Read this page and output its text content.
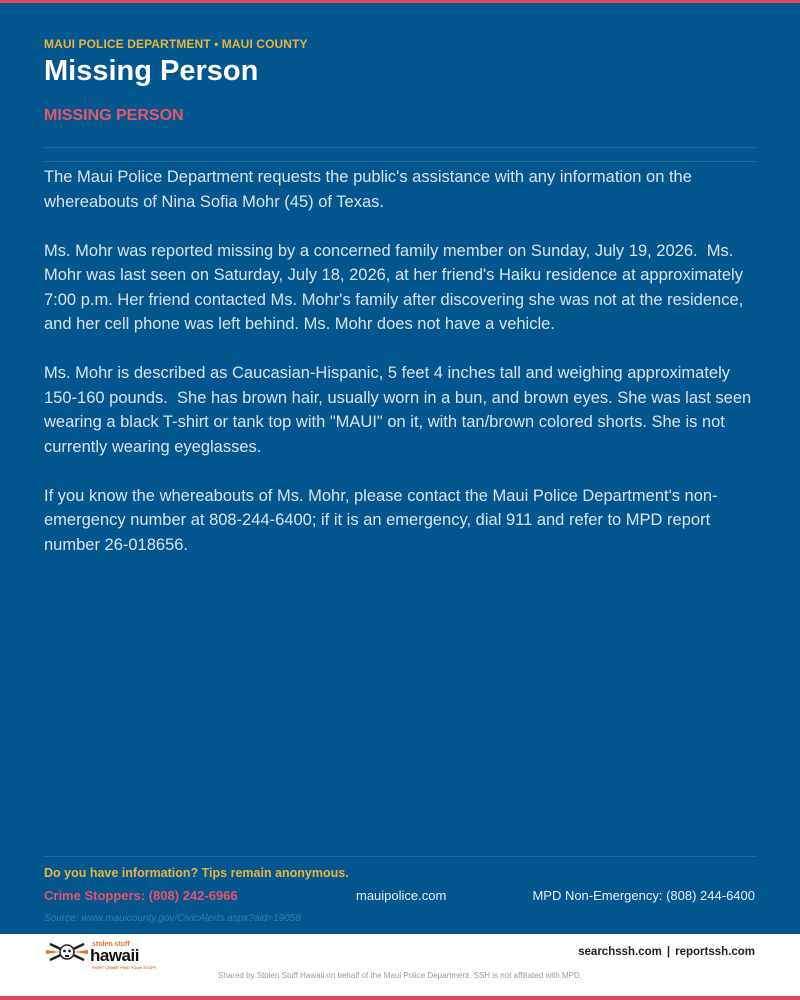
MAUI POLICE DEPARTMENT • MAUI COUNTY
Missing Person
MISSING PERSON

The Maui Police Department requests the public's assistance with any information on the whereabouts of Nina Sofia Mohr (45) of Texas.

Ms. Mohr was reported missing by a concerned family member on Sunday, July 19, 2026.  Ms. Mohr was last seen on Saturday, July 18, 2026, at her friend's Haiku residence at approximately 7:00 p.m. Her friend contacted Ms. Mohr's family after discovering she was not at the residence, and her cell phone was left behind. Ms. Mohr does not have a vehicle.

Ms. Mohr is described as Caucasian-Hispanic, 5 feet 4 inches tall and weighing approximately 150-160 pounds.  She has brown hair, usually worn in a bun, and brown eyes. She was last seen wearing a black T-shirt or tank top with "MAUI" on it, with tan/brown colored shorts. She is not currently wearing eyeglasses.

If you know the whereabouts of Ms. Mohr, please contact the Maui Police Department's non-emergency number at 808-244-6400; if it is an emergency, dial 911 and refer to MPD report number 26-018656.

Do you have information? Tips remain anonymous.
Crime Stoppers: (808) 242-6966	mauipolice.com	MPD Non-Emergency: (808) 244-6400
Source: www.mauicounty.gov/CivicAlerts.aspx?aid=19058
stolen stuff
hawaii
FIGHT CRIME. FIND YOUR STUFF.
searchssh.com | reportssh.com
Shared by Stolen Stuff Hawaii on behalf of the Maui Police Department. SSH is not affiliated with MPD.
